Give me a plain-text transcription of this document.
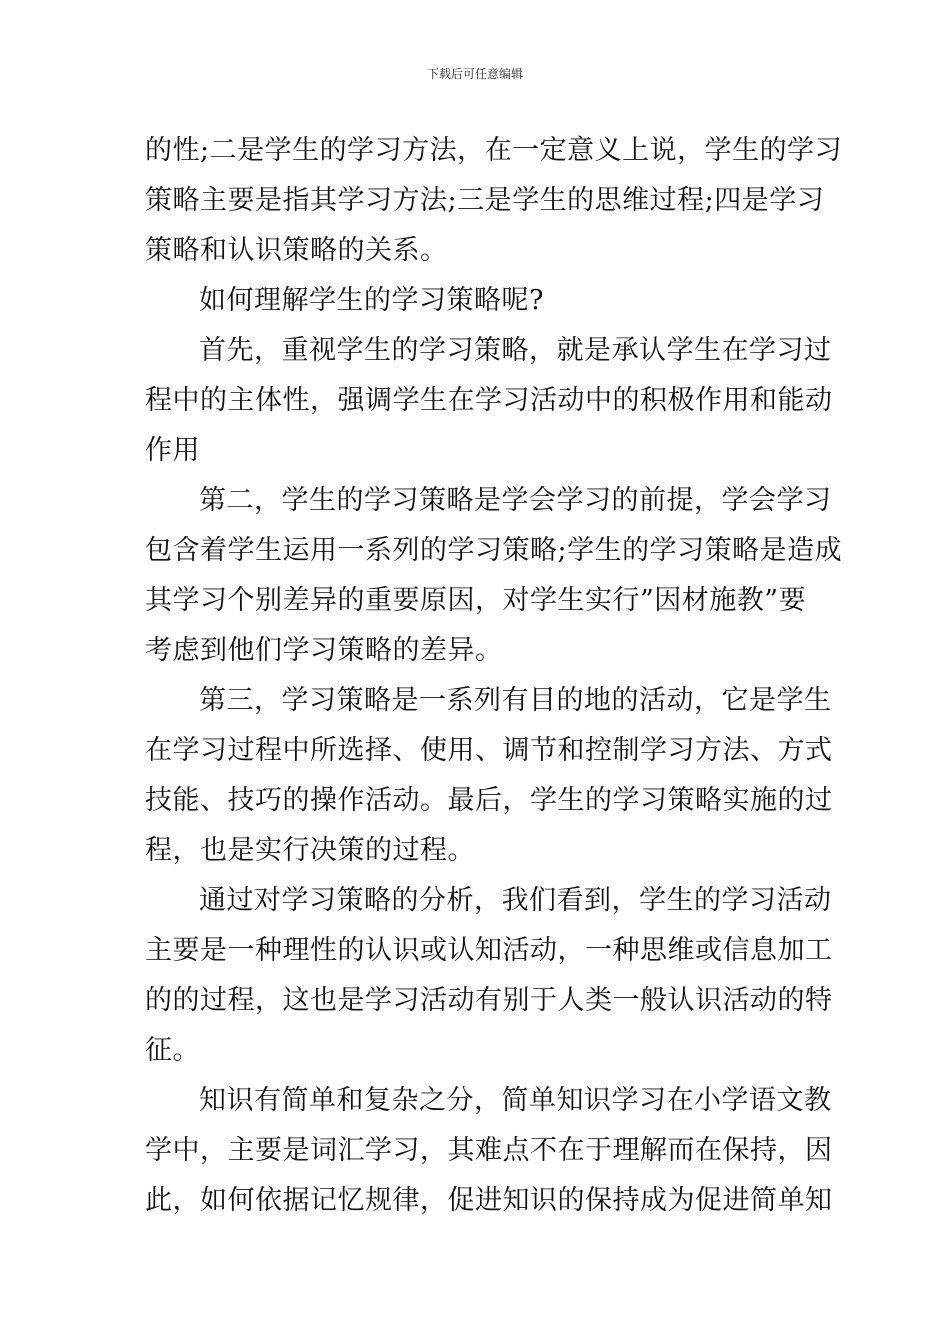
下载后可任意编辑
的性;二是学生的学习方法，在一定意义上说，学生的学习
策略主要是指其学习方法;三是学生的思维过程;四是学习
策略和认识策略的关系。
如何理解学生的学习策略呢?
首先，重视学生的学习策略，就是承认学生在学习过
程中的主体性，强调学生在学习活动中的积极作用和能动
作用
第二，学生的学习策略是学会学习的前提，学会学习
包含着学生运用一系列的学习策略;学生的学习策略是造成
其学习个别差异的重要原因，对学生实行”因材施教”要
考虑到他们学习策略的差异。
第三，学习策略是一系列有目的地的活动，它是学生
在学习过程中所选择、使用、调节和控制学习方法、方式
技能、技巧的操作活动。最后，学生的学习策略实施的过
程，也是实行决策的过程。
通过对学习策略的分析，我们看到，学生的学习活动
主要是一种理性的认识或认知活动，一种思维或信息加工
的的过程，这也是学习活动有别于人类一般认识活动的特
征。
知识有简单和复杂之分，简单知识学习在小学语文教
学中，主要是词汇学习，其难点不在于理解而在保持，因
此，如何依据记忆规律，促进知识的保持成为促进简单知
